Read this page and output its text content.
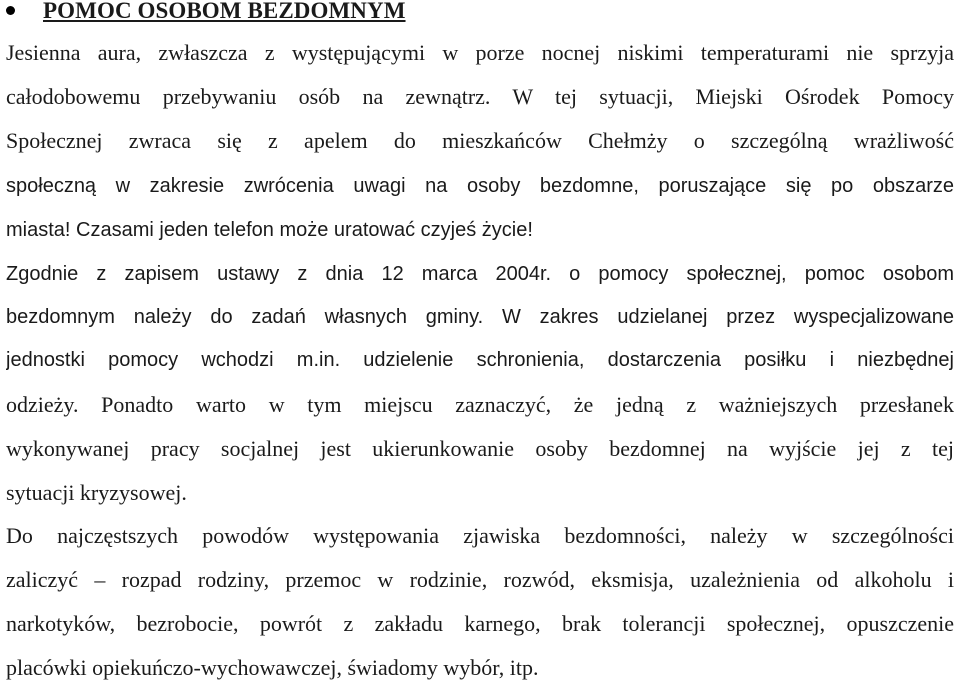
POMOC OSOBOM BEZDOMNYM
Jesienna aura, zwłaszcza z występującymi w porze nocnej niskimi temperaturami nie sprzyja
całodobowemu przebywaniu osób na zewnątrz. W tej sytuacji, Miejski Ośrodek Pomocy
Społecznej zwraca się z apelem do mieszkańców Chełmży o szczególną wrażliwość
społeczną w zakresie zwrócenia uwagi na osoby bezdomne, poruszające się po obszarze
miasta! Czasami jeden telefon może uratować czyjeś życie!
Zgodnie z zapisem ustawy z dnia 12 marca 2004r. o pomocy społecznej, pomoc osobom
bezdomnym należy do zadań własnych gminy. W zakres udzielanej przez wyspecjalizowane
jednostki pomocy wchodzi m.in. udzielenie schronienia, dostarczenia posiłku i niezbędnej
odzieży. Ponadto warto w tym miejscu zaznaczyć, że jedną z ważniejszych przesłanek
wykonywanej pracy socjalnej jest ukierunkowanie osoby bezdomnej na wyjście jej z tej
sytuacji kryzysowej.
Do najczęstszych powodów występowania zjawiska bezdomności, należy w szczególności
zaliczyć – rozpad rodziny, przemoc w rodzinie, rozwód, eksmisja, uzależnienia od alkoholu i
narkotyków, bezrobocie, powrót z zakładu karnego, brak tolerancji społecznej, opuszczenie
placówki opiekuńczo-wychowawczej, świadomy wybór, itp.
